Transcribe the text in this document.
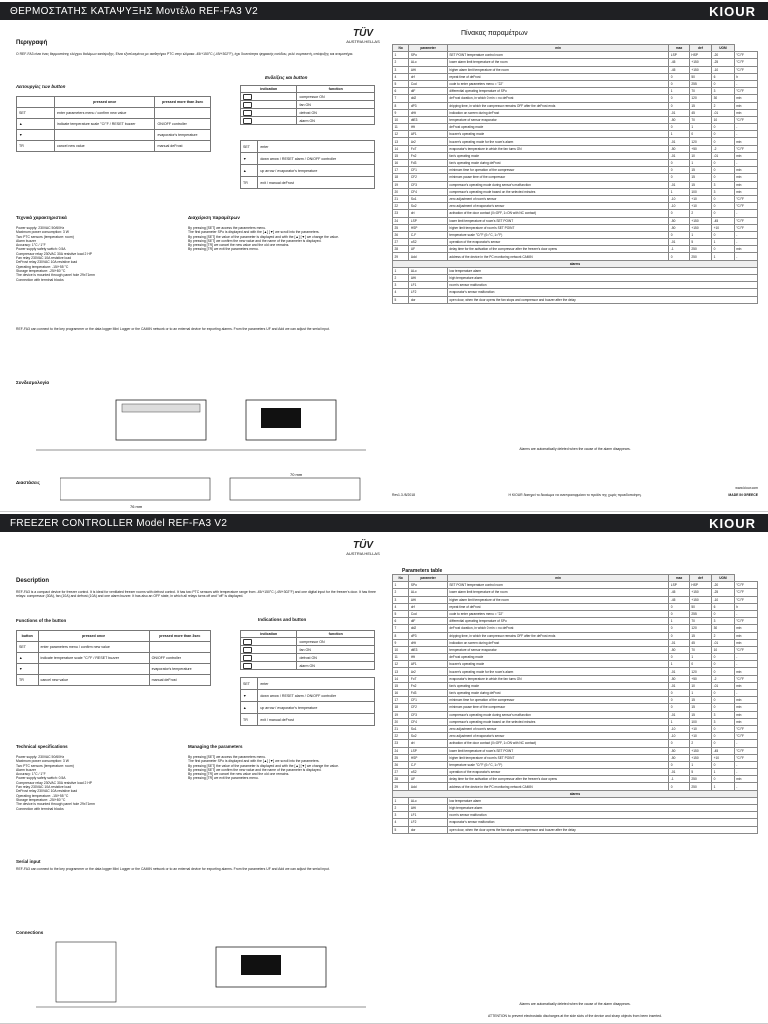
ΘΕΡΜΟΣΤΑΤΗΣ ΚΑΤΑΨΥΞΗΣ Μοντέλο REF-FA3 V2	KIOUR
Πίνακας παραμέτρων
TÜV
AUSTRIA HELLAS
Περιγραφή
Ο REF-FA3 είναι ένας θερμοστάτης ελέγχου θαλάμων κατάψυξης. Είναι εξοπλισμένος με αισθητήριο PTC στην κλίμακα -45/+150°C (-49/+302°F), έχει δυνατότητα ψηφιακής εισόδου, ρελέ συμπιεστή, απόψυξης και ανεμιστήρα.
Λειτουργίες των button
Ενδείξεις και button
	pressed once	pressed more than 3sec
SET	enter parameters menu / confirm new value	
▲	indicate temperature scale °C/°F / RESET buzzer	ON/OFF controller
▼		evaporator's temperature
TR	cancel new value	manual deFrost
indication	function
	compressor ON
	fan ON
	defrost ON
	alarm ON
SET	enter
▼	down arrow / RESET alarm / ON/OFF controller
▲	up arrow / evaporator's temperature
TR	exit / manual deFrost
Τεχνικά χαρακτηριστικά
Power supply: 230VAC 50/60Hz
Maximum power consumption: 3 W
Two PTC sensors (temperature: room)
Alarm buzzer
Accuracy: 1°C / 1°F
Power supply safety switch: 0.5A
Compressor relay 230VAC 30A resistive load 2 HP
Fan relay 230VAC 10A resistive load
DeFrost relay 230VAC 10A resistive load
Operating temperature: -15/+55 °C
Storage temperature: -25/+80 °C
The device is mounted through panel hole 29x71mm
Connection with terminal blocks
Διαχείριση παραμέτρων
By pressing [SET] we access the parameters menu.
The first parameter SPo is displayed and with the [▲] [▼] we scroll into the parameters.
By pressing [SET] the value of the parameter is displayed and with the [▲] [▼] we change the value.
By pressing [SET] we confirm the new value and the name of the parameter is displayed.
By pressing [TR] we cancel the new value and the old one remains.
By pressing [TR] we exit the parameters menu.
REF-FA3 can connect to the key programmer or the data logger Mini Logger or the CAMIN network or to an external device for exporting alarms. From the parameters UF and Add we can adjust the serial input.
Συνδεσμολογία
Διαστάσεις
76 mm
70 mm
No	parameter	min	max	def	UOM	
1	SPo	SET POINT temperature control room	LSP	HSP	-20	°C/°F
2	ALo	lower alarm limit temperature of the room	-45	+150	-25	°C/°F
3	AHi	higher alarm limit temperature of the room	-45	+150	-10	°C/°F
4	drf	repeat time of deFrost	0	50	6	h
5	Cod	code to enter parameters menu = "22"	0	255	0	-
6	diF	differential operating temperature of SPo	1	70	3	°C/°F
7	dd2	deFrost duration, in which 0 min = no deFrost	0	120	30	min
8	dP3	dripping time, in which the compressor remains OFF after the deFrost ends	0	15	2	min
9	dHt	indication on screen during deFrost	-01	45	-01	min
10	dtE3	temperature of sensor evaporator	-50	70	10	°C/°F
11	tHt	deFrost operating mode	0	1	0	-
12	AF1	buzzer's operating mode	1	0	0	-
13	Ar2	buzzer's operating mode for the room's alarm	-01	120	0	min
14	FoT	evaporator's temperature in which the fan turns ON	-50	+50	-2	°C/°F
15	Fn2	fan's operating mode	-01	10	-01	min
16	Fd3	fan's operating mode during deFrost	0	1	0	-
17	CF1	minimum time for operation of the compressor	0	15	0	min
18	CF2	minimum pause time of the compressor	0	15	0	min
19	CF3	compressor's operating mode during sensor's malfunction	-01	15	3	min
20	CF4	compressor's operating mode based on the selected minutes	1	100	3	min
21	So1	zero adjustment of room's sensor	-10	+10	0	°C/°F
22	So2	zero adjustment of evaporator's sensor	-10	+10	0	°C/°F
23	dri	activation of the door contact (0=OFF, 1=ON with NC contact)	0	2	0	-
24	LSP	lower limit temperature of room's SET POINT	-50	+150	-45	°C/°F
25	HSP	higher limit temperature of room's SET POINT	-50	+150	+10	°C/°F
26	C-F	temperature scale °C/°F (0=°C, 1=°F)	0	1	0	-
27	oS2	operation of the evaporator's sensor	-01	5	1	-
28	UF	delay time for the activation of the compressor after the freezer's door opens	-1	250	0	min
29	Add	address of the device in the PC monitoring network CAMIN	0	250	1	-
alarms						
1	ALo	low temperature alarm				
2	AHi	high temperature alarm				
3	LF1	room's sensor malfunction				
4	LF2	evaporator's sensor malfunction				
5	dor	open door, when the door opens the fan stops and compressor and buzzer after the delay				
Alarms are automatically deleted when the cause of the alarm disappears.
Rev1.3 /8/2018	Η KIOUR διατηρεί το δικαίωμα να αναπροσαρμόσει το προϊόν της χωρίς προειδοποίηση.
www.kiour.com
MADE IN GREECE
FREEZER CONTROLLER Model REF-FA3 V2	KIOUR
Parameters table
TÜV
AUSTRIA HELLAS
Description
REF-FA3 is a compact device for freezer control. It is ideal for ventilated freezer rooms with defrost control. It has two PTC sensors with temperature range from -45/+150°C (-49/+302°F) and one digital input for the freezer's door. It has three relays: compressor (30A), fan (10A) and defrost (10A) and one alarm buzzer. It has also an OFF state, in which all relays turns off and "off" is displayed.
Functions of the button	Indications and button
button	pressed once	pressed more than 3sec
SET	enter parameters menu / confirm new value	
▲	indicate temperature scale °C/°F / RESET buzzer	ON/OFF controller
▼		evaporator's temperature
TR	cancel new value	manual deFrost
indication	function
	compressor ON
	fan ON
	defrost ON
	alarm ON
SET	enter
▼	down arrow / RESET alarm / ON/OFF controller
▲	up arrow / evaporator's temperature
TR	exit / manual deFrost
Technical specifications
Power supply: 230VAC 50/60Hz
Maximum power consumption: 3 W
Two PTC sensors (temperature: room)
Alarm buzzer
Accuracy: 1°C / 1°F
Power supply safety switch: 0.5A
Compressor relay 230VAC 30A resistive load 2 HP
Fan relay 230VAC 10A resistive load
DeFrost relay 230VAC 10A resistive load
Operating temperature: -15/+55 °C
Storage temperature: -25/+80 °C
The device is mounted through panel hole 29x71mm
Connection with terminal blocks
Managing the parameters
By pressing [SET] we access the parameters menu.
The first parameter SPo is displayed and with the [▲] [▼] we scroll into the parameters.
By pressing [SET] the value of the parameter is displayed and with the [▲] [▼] we change the value.
By pressing [SET] we confirm the new value and the name of the parameter is displayed.
By pressing [TR] we cancel the new value and the old one remains.
By pressing [TR] we exit the parameters menu.
Serial input
REF-FA3 can connect to the key programmer or the data logger Mini Logger or the CAMIN network or to an external device for exporting alarms. From the parameters UF and Add we can adjust the serial input.
Connections
No	parameter	min	max	def	UOM	
1	SPo	SET POINT temperature control room	LSP	HSP	-20	°C/°F
2	ALo	lower alarm limit temperature of the room	-45	+150	-25	°C/°F
3	AHi	higher alarm limit temperature of the room	-45	+150	-10	°C/°F
4	drf	repeat time of deFrost	0	50	6	h
5	Cod	code to enter parameters menu = "22"	0	255	0	-
6	diF	differential operating temperature of SPo	1	70	3	°C/°F
7	dd2	deFrost duration, in which 0 min = no deFrost	0	120	30	min
8	dP3	dripping time, in which the compressor remains OFF after the deFrost ends	0	15	2	min
9	dHt	indication on screen during deFrost	-01	45	-01	min
10	dtE3	temperature of sensor evaporator	-50	70	10	°C/°F
11	tHt	deFrost operating mode	0	1	0	-
12	AF1	buzzer's operating mode	1	0	0	-
13	Ar2	buzzer's operating mode for the room's alarm	-01	120	0	min
14	FoT	evaporator's temperature in which the fan turns ON	-50	+50	-2	°C/°F
15	Fn2	fan's operating mode	-01	10	-01	min
16	Fd3	fan's operating mode during deFrost	0	1	0	-
17	CF1	minimum time for operation of the compressor	0	15	0	min
18	CF2	minimum pause time of the compressor	0	15	0	min
19	CF3	compressor's operating mode during sensor's malfunction	-01	15	3	min
20	CF4	compressor's operating mode based on the selected minutes	1	100	3	min
21	So1	zero adjustment of room's sensor	-10	+10	0	°C/°F
22	So2	zero adjustment of evaporator's sensor	-10	+10	0	°C/°F
23	dri	activation of the door contact (0=OFF, 1=ON with NC contact)	0	2	0	-
24	LSP	lower limit temperature of room's SET POINT	-50	+150	-45	°C/°F
25	HSP	higher limit temperature of room's SET POINT	-50	+150	+10	°C/°F
26	C-F	temperature scale °C/°F (0=°C, 1=°F)	0	1	0	-
27	oS2	operation of the evaporator's sensor	-01	5	1	-
28	UF	delay time for the activation of the compressor after the freezer's door opens	-1	250	0	min
29	Add	address of the device in the PC monitoring network CAMIN	0	250	1	-
alarms						
1	ALo	low temperature alarm				
2	AHi	high temperature alarm				
3	LF1	room's sensor malfunction				
4	LF2	evaporator's sensor malfunction				
5	dor	open door, when the door opens the fan stops and compressor and buzzer after the delay				
Alarms are automatically deleted when the cause of the alarm disappears.
ATTENTION to prevent electrostatic discharges at the side slots of the device and sharp objects from been inserted.
